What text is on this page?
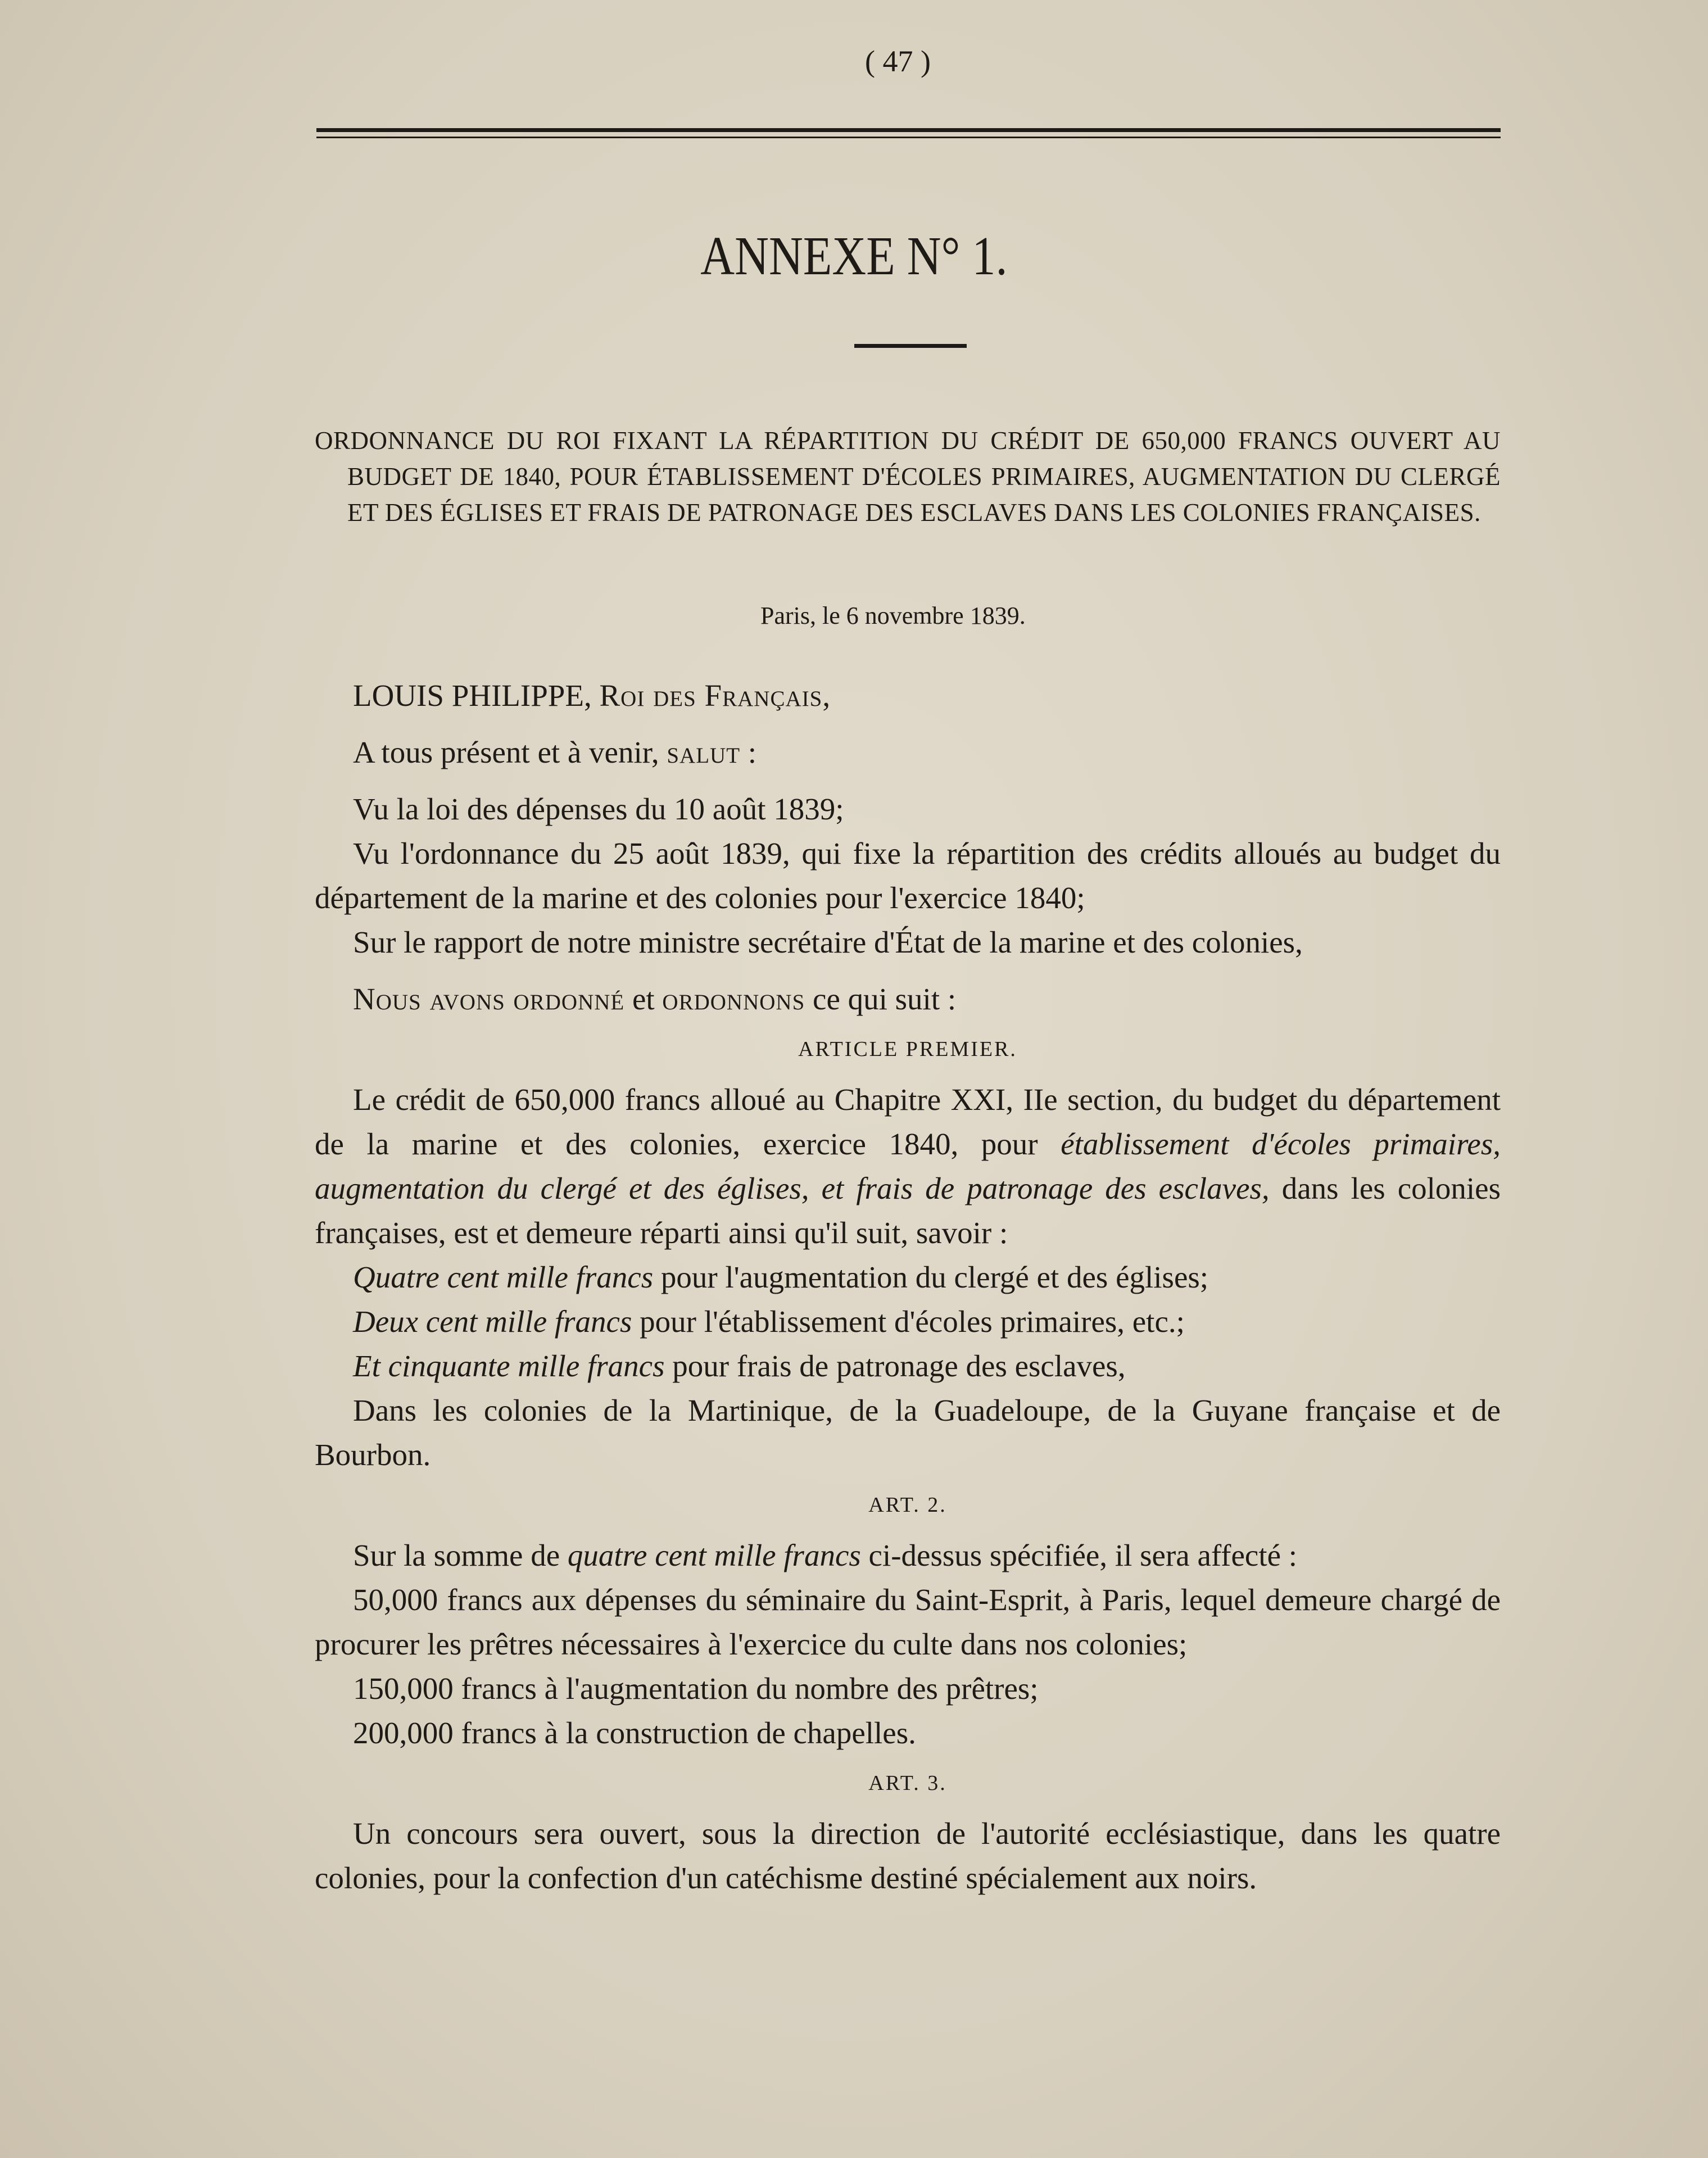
( 47 )
ANNEXE N° 1.
ORDONNANCE DU ROI FIXANT LA RÉPARTITION DU CRÉDIT DE 650,000 FRANCS OUVERT AU BUDGET DE 1840, POUR ÉTABLISSEMENT D'ÉCOLES PRIMAIRES, AUGMENTATION DU CLERGÉ ET DES ÉGLISES ET FRAIS DE PATRONAGE DES ESCLAVES DANS LES COLONIES FRANÇAISES.
Paris, le 6 novembre 1839.

LOUIS PHILIPPE, Roi des Français,

A tous présent et à venir, salut :

Vu la loi des dépenses du 10 août 1839;

Vu l'ordonnance du 25 août 1839, qui fixe la répartition des crédits alloués au budget du département de la marine et des colonies pour l'exercice 1840;

Sur le rapport de notre ministre secrétaire d'État de la marine et des colonies,

Nous avons ordonné et ordonnons ce qui suit :

ARTICLE PREMIER.

Le crédit de 650,000 francs alloué au Chapitre XXI, IIe section, du budget du département de la marine et des colonies, exercice 1840, pour établissement d'écoles primaires, augmentation du clergé et des églises, et frais de patronage des esclaves, dans les colonies françaises, est et demeure réparti ainsi qu'il suit, savoir :

Quatre cent mille francs pour l'augmentation du clergé et des églises;

Deux cent mille francs pour l'établissement d'écoles primaires, etc.;

Et cinquante mille francs pour frais de patronage des esclaves,

Dans les colonies de la Martinique, de la Guadeloupe, de la Guyane française et de Bourbon.

ART. 2.

Sur la somme de quatre cent mille francs ci-dessus spécifiée, il sera affecté :

50,000 francs aux dépenses du séminaire du Saint-Esprit, à Paris, lequel demeure chargé de procurer les prêtres nécessaires à l'exercice du culte dans nos colonies;

150,000 francs à l'augmentation du nombre des prêtres;

200,000 francs à la construction de chapelles.

ART. 3.

Un concours sera ouvert, sous la direction de l'autorité ecclésiastique, dans les quatre colonies, pour la confection d'un catéchisme destiné spécialement aux noirs.
